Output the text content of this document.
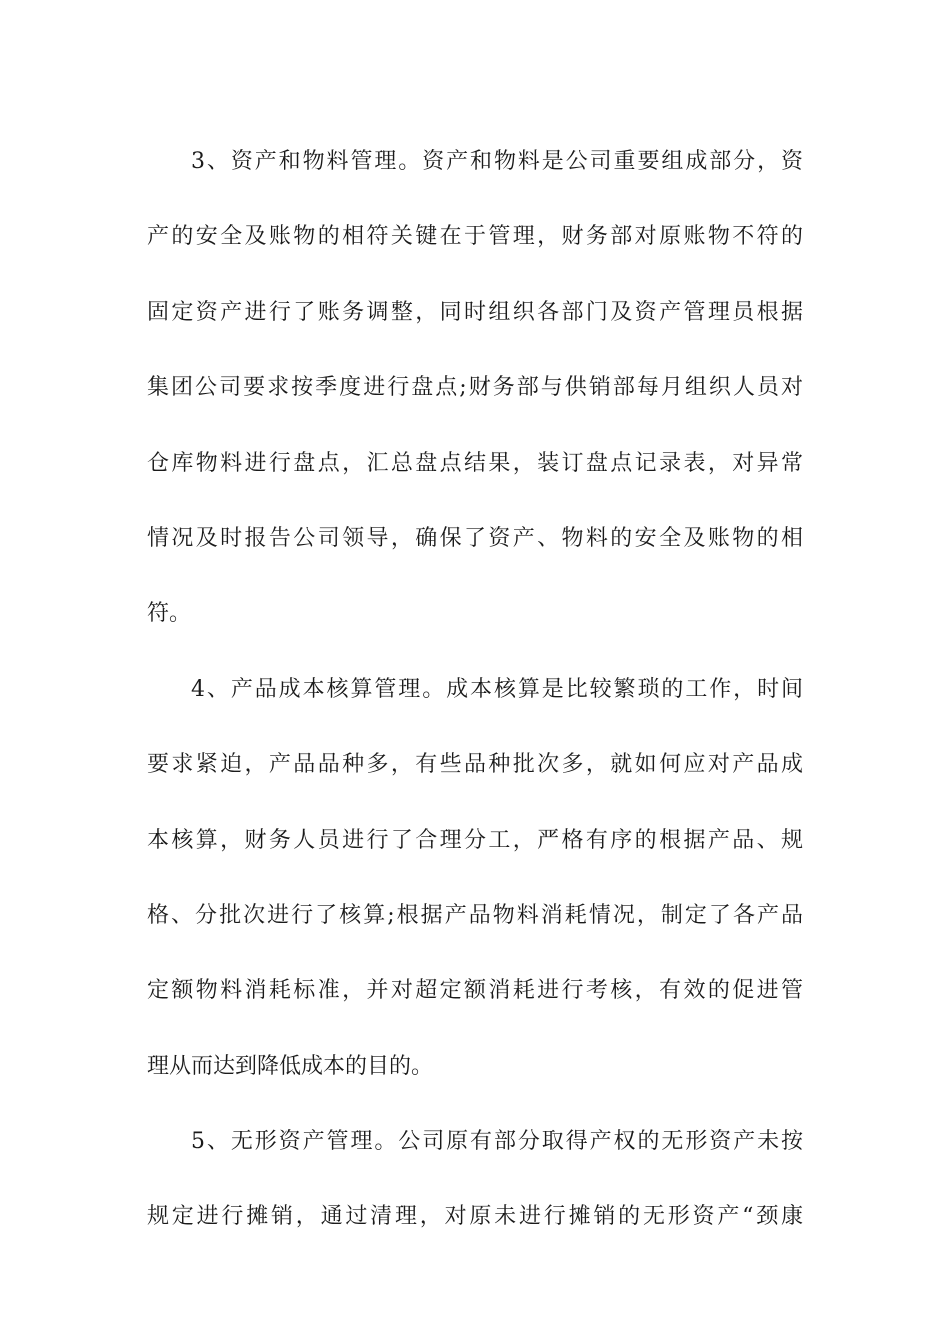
3、资产和物料管理。资产和物料是公司重要组成部分，资
产的安全及账物的相符关键在于管理，财务部对原账物不符的
固定资产进行了账务调整，同时组织各部门及资产管理员根据
集团公司要求按季度进行盘点;财务部与供销部每月组织人员对
仓库物料进行盘点，汇总盘点结果，装订盘点记录表，对异常
情况及时报告公司领导，确保了资产、物料的安全及账物的相
符。

4、产品成本核算管理。成本核算是比较繁琐的工作，时间
要求紧迫，产品品种多，有些品种批次多，就如何应对产品成
本核算，财务人员进行了合理分工，严格有序的根据产品、规
格、分批次进行了核算;根据产品物料消耗情况，制定了各产品
定额物料消耗标准，并对超定额消耗进行考核，有效的促进管
理从而达到降低成本的目的。

5、无形资产管理。公司原有部分取得产权的无形资产未按
规定进行摊销，通过清理，对原未进行摊销的无形资产“颈康
